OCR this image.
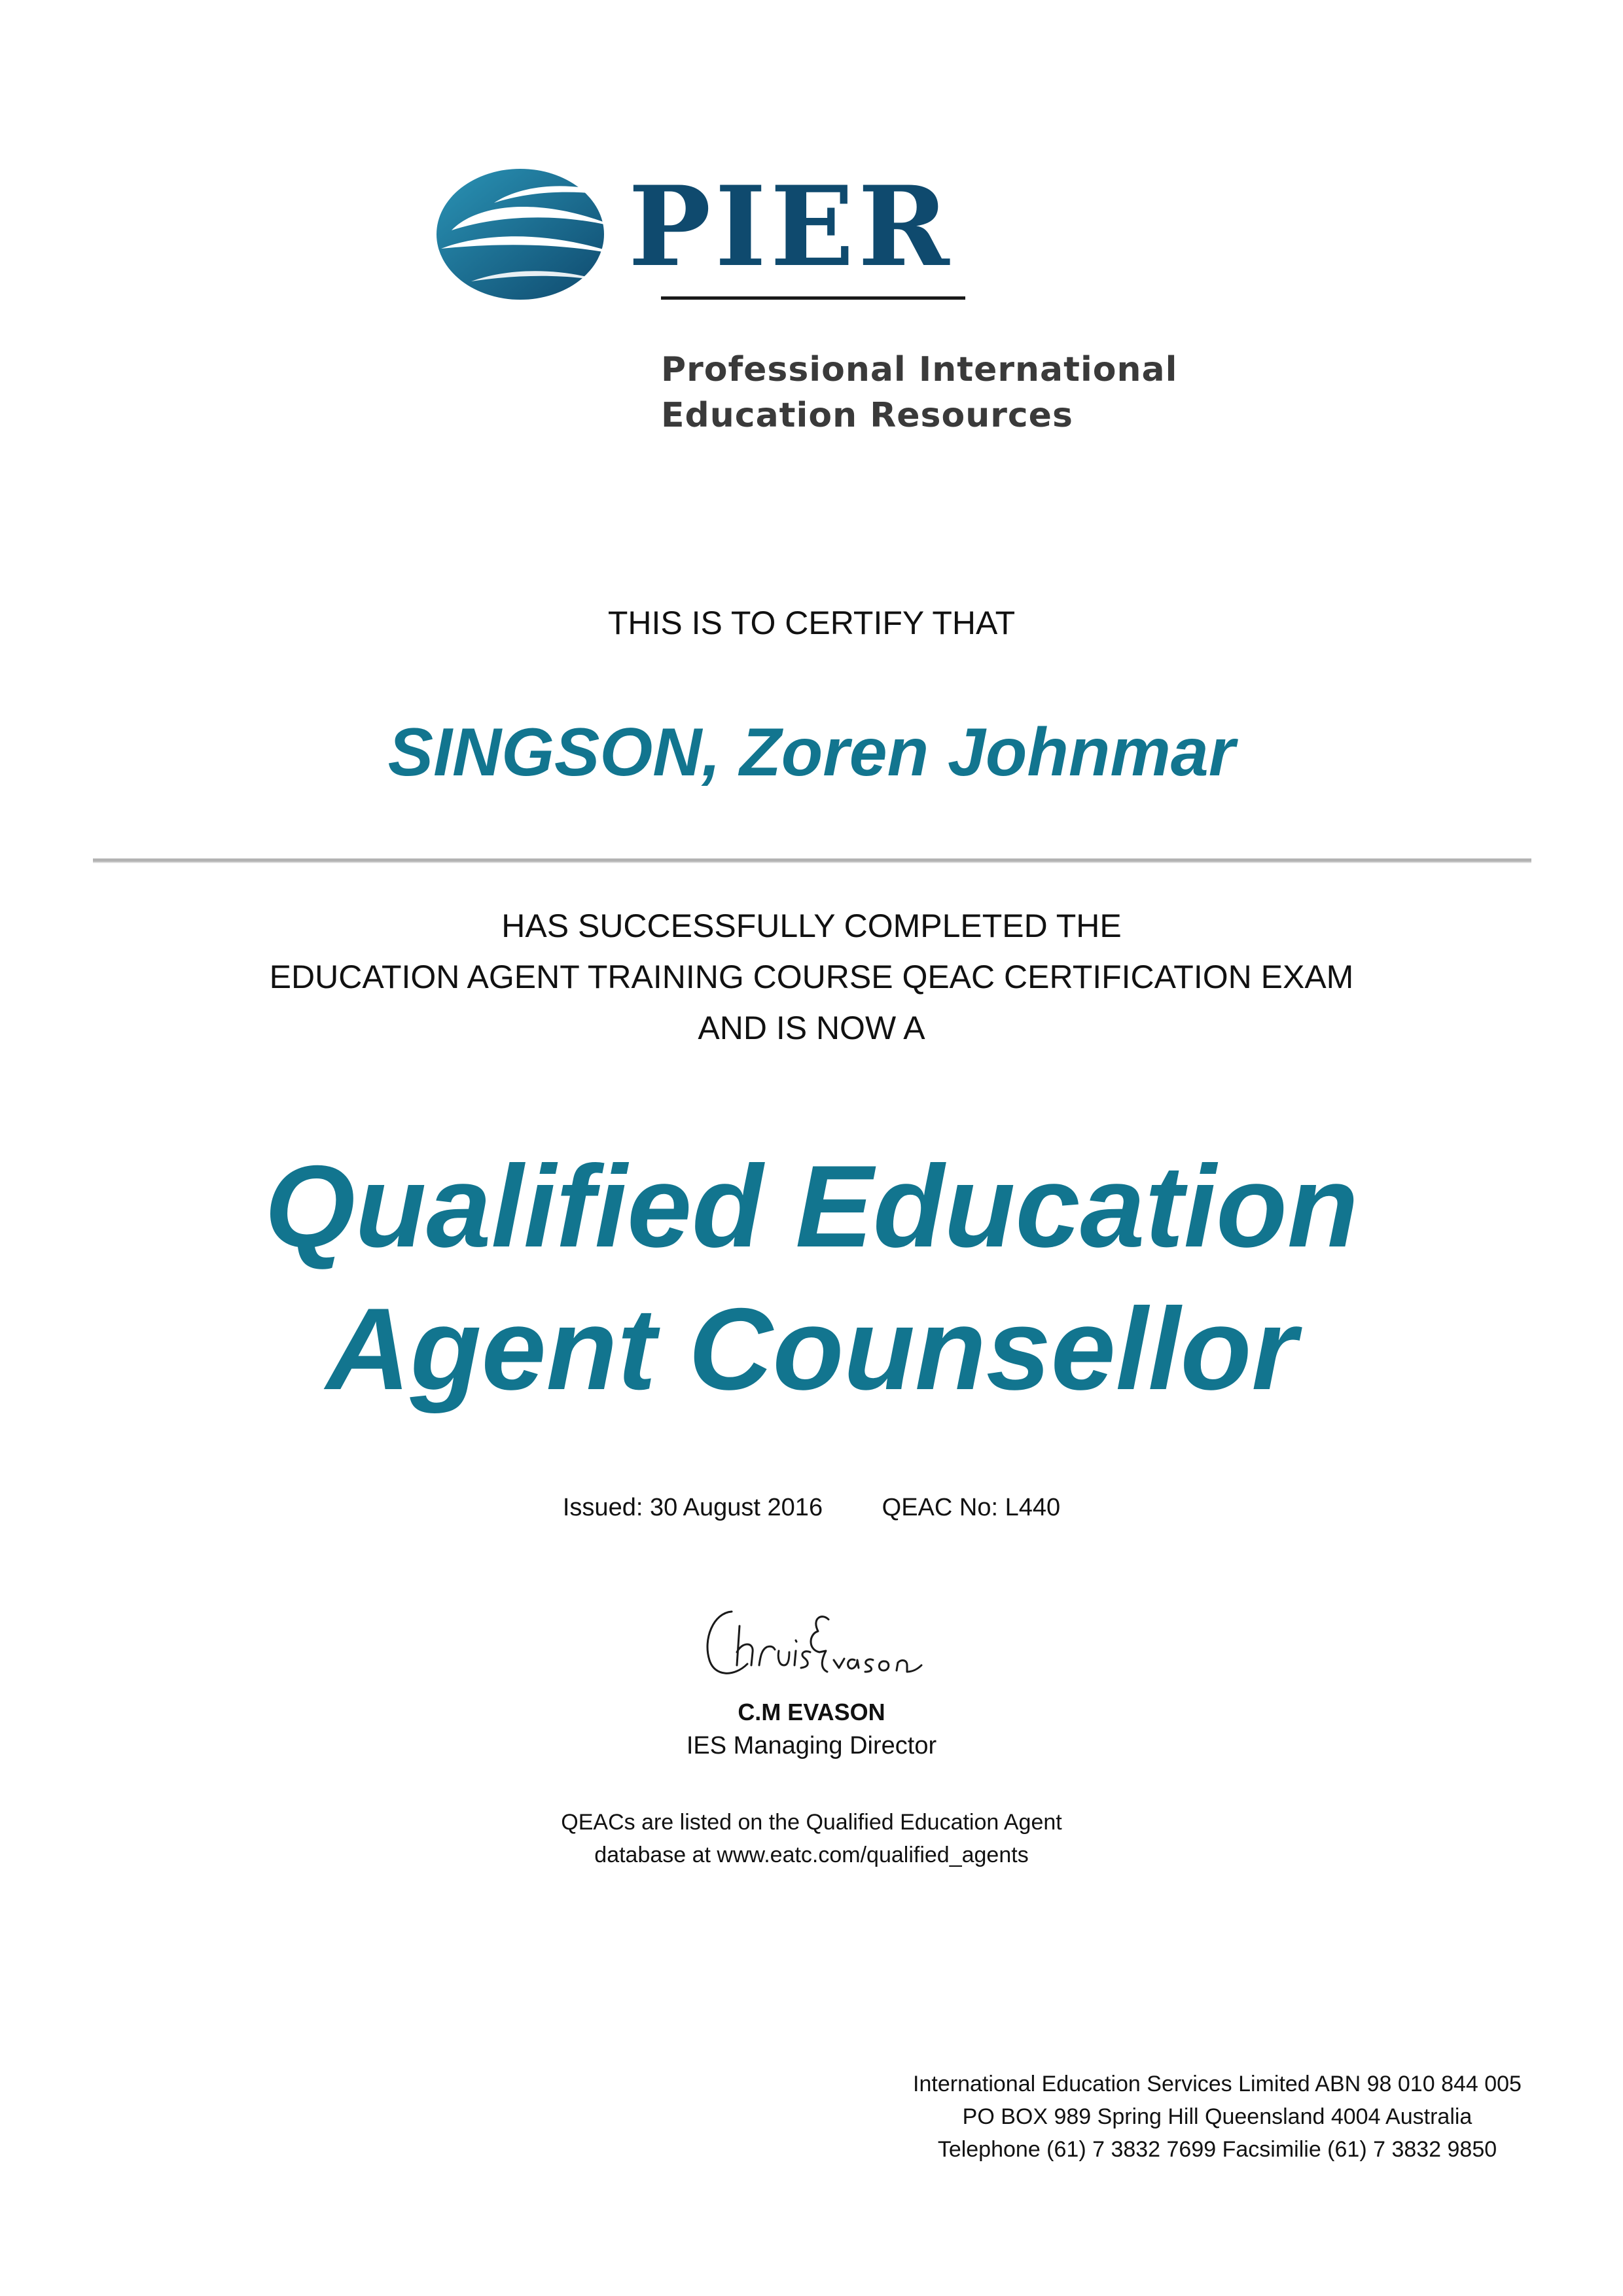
PIER

Professional International
Education Resources

THIS IS TO CERTIFY THAT

SINGSON, Zoren Johnmar

HAS SUCCESSFULLY COMPLETED THE
EDUCATION AGENT TRAINING COURSE QEAC CERTIFICATION EXAM
AND IS NOW A

Qualified Education
Agent Counsellor

Issued: 30 August 2016 QEAC No: L440

C.M EVASON

IES Managing Director

QEACs are listed on the Qualified Education Agent
database at www.eatc.com/qualified_agents

International Education Services Limited ABN 98 010 844 005
PO BOX 989 Spring Hill Queensland 4004 Australia
Telephone (61) 7 3832 7699 Facsimilie (61) 7 3832 9850
